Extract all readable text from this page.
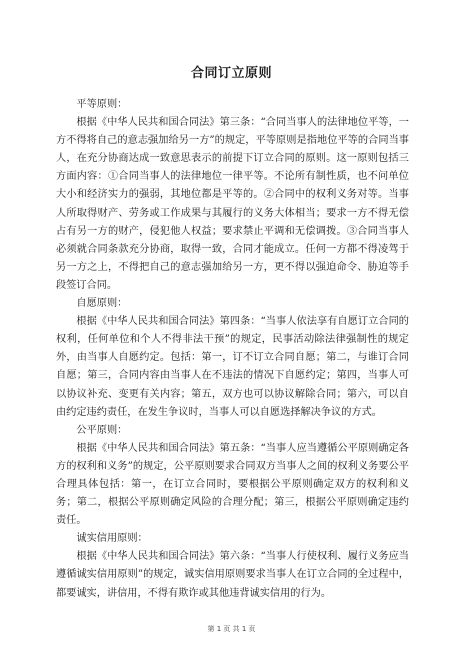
合同订立原则

平等原则：

根据《中华人民共和国合同法》第三条：“合同当事人的法律地位平等，一方不得将自己的意志强加给另一方”的规定，平等原则是指地位平等的合同当事人，在充分协商达成一致意思表示的前提下订立合同的原则。这一原则包括三方面内容：①合同当事人的法律地位一律平等。不论所有制性质，也不问单位大小和经济实力的强弱，其地位都是平等的。②合同中的权利义务对等。当事人所取得财产、劳务或工作成果与其履行的义务大体相当；要求一方不得无偿占有另一方的财产，侵犯他人权益；要求禁止平调和无偿调拨。③合同当事人必须就合同条款充分协商，取得一致，合同才能成立。任何一方都不得凌驾于另一方之上，不得把自己的意志强加给另一方，更不得以强迫命令、胁迫等手段签订合同。

自愿原则：

根据《中华人民共和国合同法》第四条：“当事人依法享有自愿订立合同的权利，任何单位和个人不得非法干预”的规定，民事活动除法律强制性的规定外，由当事人自愿约定。包括：第一，订不订立合同自愿；第二，与谁订合同自愿；第三，合同内容由当事人在不违法的情况下自愿约定；第四，当事人可以协议补充、变更有关内容；第五，双方也可以协议解除合同；第六，可以自由约定违约责任，在发生争议时，当事人可以自愿选择解决争议的方式。

公平原则：

根据《中华人民共和国合同法》第五条：“当事人应当遵循公平原则确定各方的权利和义务”的规定，公平原则要求合同双方当事人之间的权利义务要公平合理具体包括：第一，在订立合同时，要根据公平原则确定双方的权利和义务；第二，根据公平原则确定风险的合理分配；第三，根据公平原则确定违约责任。

诚实信用原则：

根据《中华人民共和国合同法》第六条：“当事人行使权利、履行义务应当遵循诚实信用原则”的规定，诚实信用原则要求当事人在订立合同的全过程中，都要诚实，讲信用，不得有欺诈或其他违背诚实信用的行为。

第 1 页 共 1 页
